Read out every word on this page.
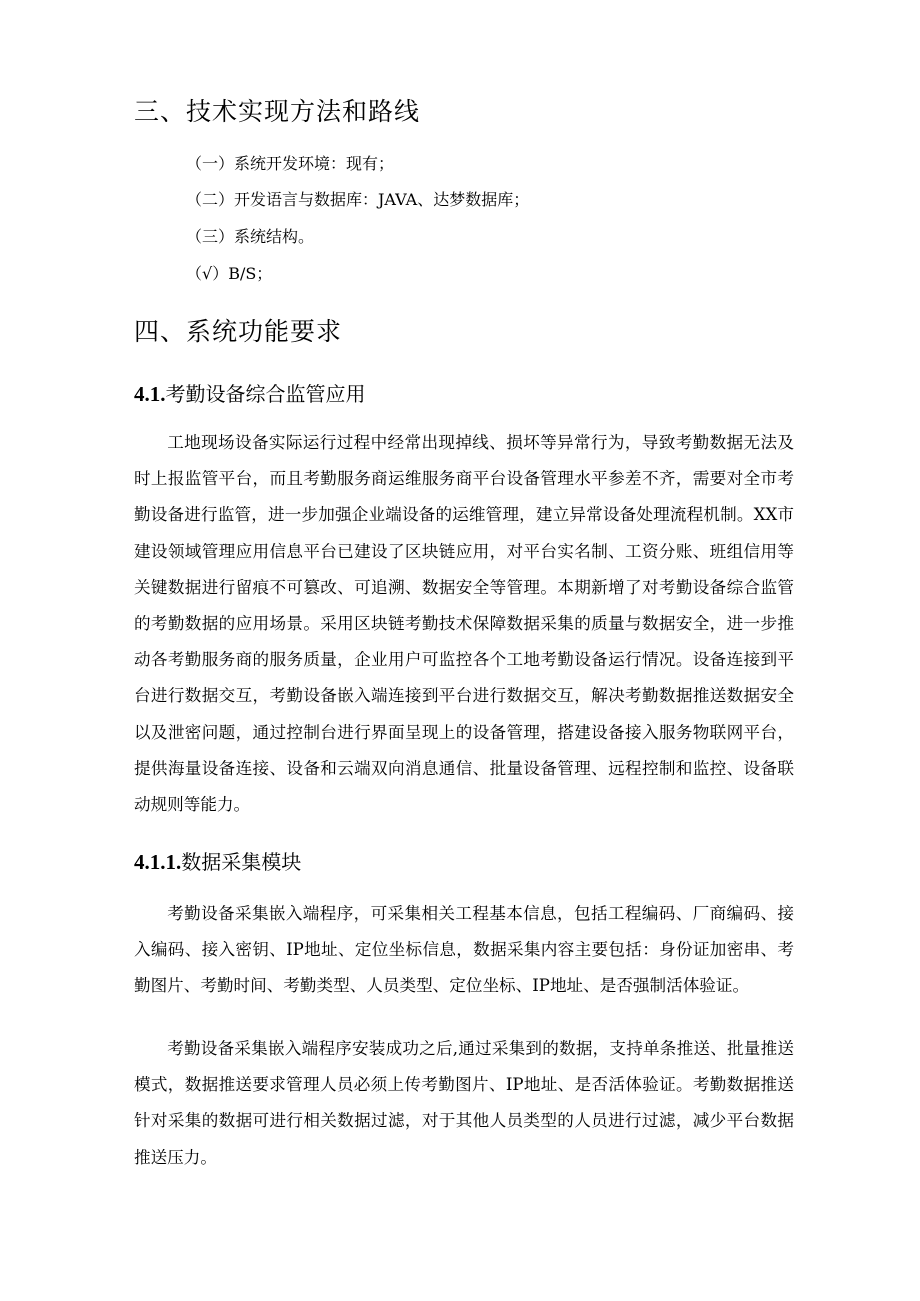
三、技术实现方法和路线
（一）系统开发环境：现有；
（二）开发语言与数据库：JAVA、达梦数据库；
（三）系统结构。
（√）B/S；
四、系统功能要求
4.1.考勤设备综合监管应用
工地现场设备实际运行过程中经常出现掉线、损坏等异常行为，导致考勤数据无法及时上报监管平台，而且考勤服务商运维服务商平台设备管理水平参差不齐，需要对全市考勤设备进行监管，进一步加强企业端设备的运维管理，建立异常设备处理流程机制。XX市建设领域管理应用信息平台已建设了区块链应用，对平台实名制、工资分账、班组信用等关键数据进行留痕不可篡改、可追溯、数据安全等管理。本期新增了对考勤设备综合监管的考勤数据的应用场景。采用区块链考勤技术保障数据采集的质量与数据安全，进一步推动各考勤服务商的服务质量，企业用户可监控各个工地考勤设备运行情况。设备连接到平台进行数据交互，考勤设备嵌入端连接到平台进行数据交互，解决考勤数据推送数据安全以及泄密问题，通过控制台进行界面呈现上的设备管理，搭建设备接入服务物联网平台，提供海量设备连接、设备和云端双向消息通信、批量设备管理、远程控制和监控、设备联动规则等能力。
4.1.1.数据采集模块
考勤设备采集嵌入端程序，可采集相关工程基本信息，包括工程编码、厂商编码、接入编码、接入密钥、IP地址、定位坐标信息，数据采集内容主要包括：身份证加密串、考勤图片、考勤时间、考勤类型、人员类型、定位坐标、IP地址、是否强制活体验证。
考勤设备采集嵌入端程序安装成功之后,通过采集到的数据，支持单条推送、批量推送模式，数据推送要求管理人员必须上传考勤图片、IP地址、是否活体验证。考勤数据推送针对采集的数据可进行相关数据过滤，对于其他人员类型的人员进行过滤，减少平台数据推送压力。
